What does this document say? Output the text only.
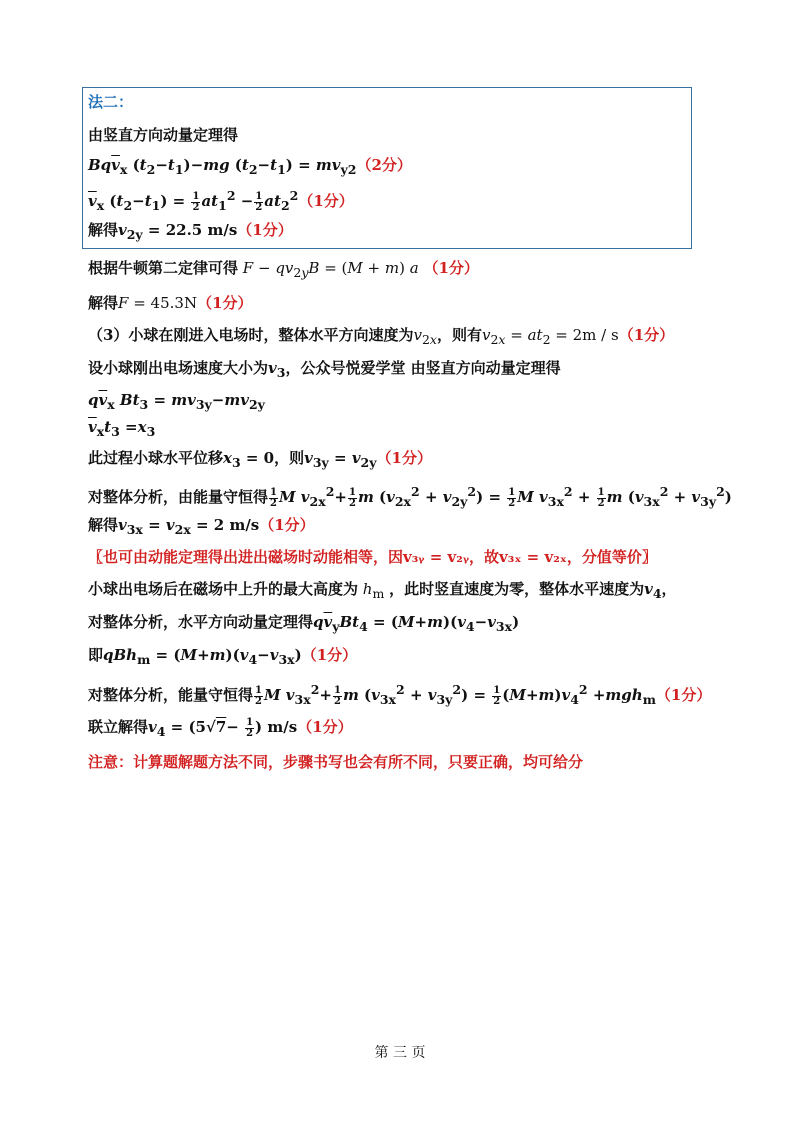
法二：
由竖直方向动量定理得
$Bq\overline{v}_x$ $(t_2-t_1)-mg$ $(t_2-t_1) = mv_{y2}(2$分）
$\overline{v}_x$ $(t_2-t_1) = \frac{1}{2} at_1^2 - \frac{1}{2} at_2^2(1$分）
解得$v_{2y} = 22.5$ m/s（1分）
根据牛顿第二定律可得 $F - qv_{2y}B = (M + m)$ a （1分）
解得F = 45.3N（1分）
（3）小球在刚进入电场时，整体水平方向速度为$v_{2x}$，则有$v_{2x} = at_2 = 2m / s(1$分）
设小球刚出电场速度大小为$v_3$，公众号悦爱学堂 由竖直方向动量定理得
$q\overline{v}_x$ $Bt_3 = mv_{3y}-mv_{2y}$
$\overline{v}_xt_3 =x_3$
此过程小球水平位移$x_3 = 0$，则$v_{3y} = v_{2y}(1$分）
对整体分析，由能量守恒得 $\frac{1}{2}$ M $v_{2x}^2+ \frac{1}{2}$ m $(v_{2x}^2 + v_{2y}^2) = \frac{1}{2}$ M $v_{3x}^2 + \frac{1}{2}$ m $(v_{3x}^2 + v_{3y}^2)$
解得$v_{3x} = v_{2x} = 2$ m/s（1分）
〖也可由动能定理得出进出磁场时动能相等，因v₃ᵧ = v₂ᵧ，故v₃ₓ = v₂ₓ，分值等价〗
小球出电场后在磁场中上升的最大高度为 $h_m$ ，此时竖直速度为零，整体水平速度为$v_4$，
对整体分析，水平方向动量定理得$q\overline{v}_yBt_4 = (M+m)(v_4-v_{3x})$
即$qBh_m = (M+m)(v_4-v_{3x})(1$分）
对整体分析，能量守恒得 $\frac{1}{2}$ M $v_{3x}^2+ \frac{1}{2}$ m $(v_{3x}^2 + v_{3y}^2) = \frac{1}{2} (M+m)v_4^2 +mgh_m(1$分）
联立解得$v_4 = (5√7- \frac{1}{2}$ ) m/s（1分）
注意：计算题解题方法不同，步骤书写也会有所不同，只要正确，均可给分
第 三 页
